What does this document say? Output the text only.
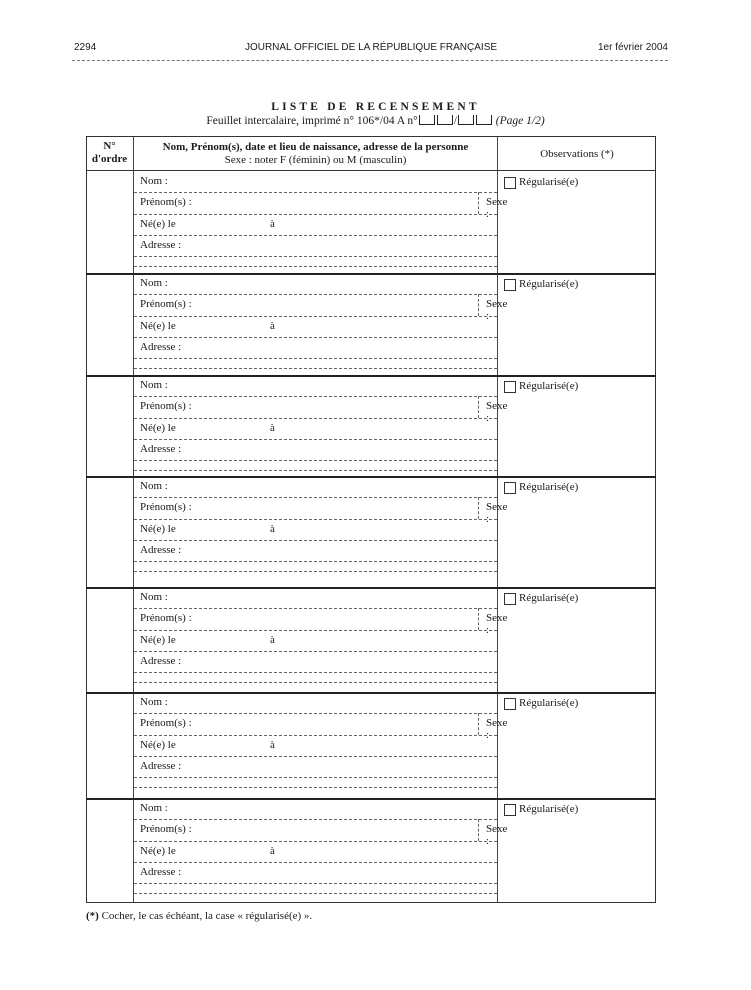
2294	JOURNAL OFFICIEL DE LA RÉPUBLIQUE FRANÇAISE	1er février 2004
LISTE DE RECENSEMENT
Feuillet intercalaire, imprimé n° 106*/04 A n°	/	(Page 1/2)
N°
d'ordre
Nom, Prénom(s), date et lieu de naissance, adresse de la personne
Sexe : noter F (féminin) ou M (masculin)	Observations (*)
Nom :
Prénom(s) :	Sexe :
Né(e) le	à
Adresse :
Régularisé(e)
Nom :
Prénom(s) :	Sexe :
Né(e) le	à
Adresse :
Régularisé(e)
Nom :
Prénom(s) :	Sexe :
Né(e) le	à
Adresse :
Régularisé(e)
Nom :
Prénom(s) :	Sexe :
Né(e) le	à
Adresse :
Régularisé(e)
Nom :
Prénom(s) :	Sexe :
Né(e) le	à
Adresse :
Régularisé(e)
Nom :
Prénom(s) :	Sexe :
Né(e) le	à
Adresse :
Régularisé(e)
Nom :
Prénom(s) :	Sexe :
Né(e) le	à
Adresse :
Régularisé(e)
(*) Cocher, le cas échéant, la case « régularisé(e) ».
